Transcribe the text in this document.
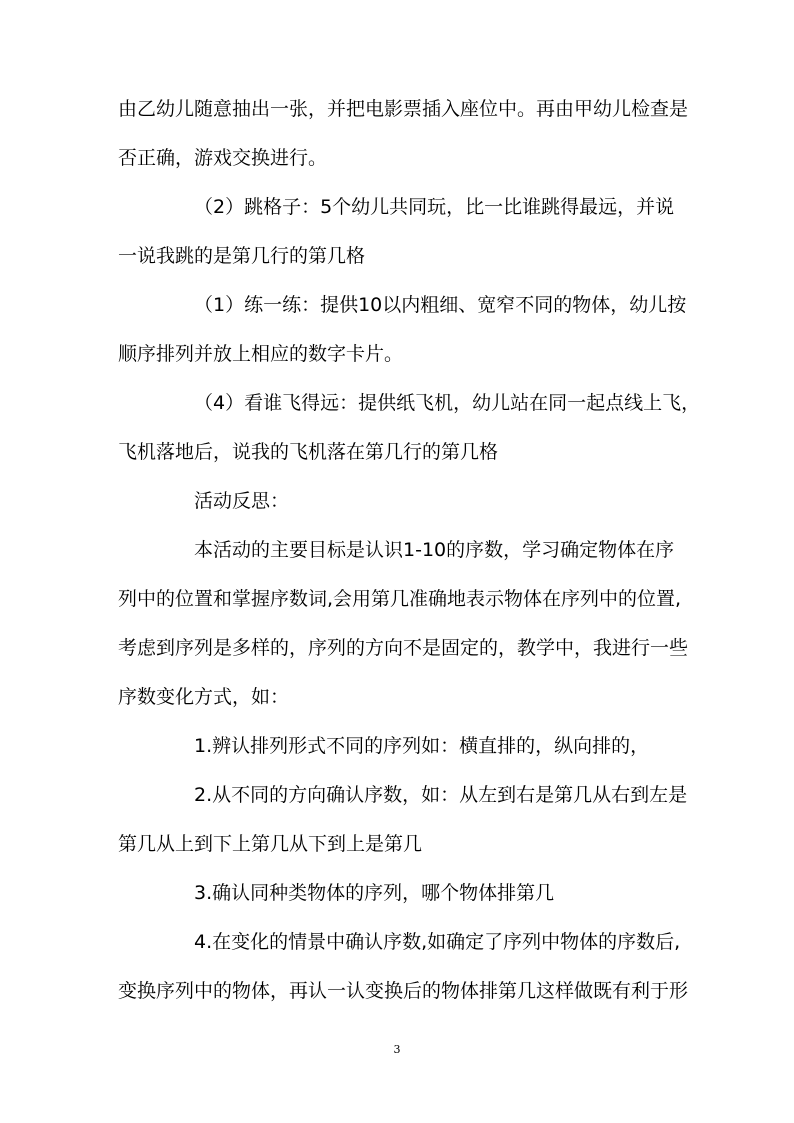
由乙幼儿随意抽出一张，并把电影票插入座位中。再由甲幼儿检查是
否正确，游戏交换进行。
（2）跳格子：5个幼儿共同玩，比一比谁跳得最远，并说
一说我跳的是第几行的第几格
（1）练一练：提供10以内粗细、宽窄不同的物体，幼儿按
顺序排列并放上相应的数字卡片。
（4）看谁飞得远：提供纸飞机，幼儿站在同一起点线上飞，
飞机落地后，说我的飞机落在第几行的第几格
活动反思：
本活动的主要目标是认识1-10的序数，学习确定物体在序
列中的位置和掌握序数词,会用第几准确地表示物体在序列中的位置,
考虑到序列是多样的，序列的方向不是固定的，教学中，我进行一些
序数变化方式，如：
1.辨认排列形式不同的序列如：横直排的，纵向排的，
2.从不同的方向确认序数，如：从左到右是第几从右到左是
第几从上到下上第几从下到上是第几
3.确认同种类物体的序列，哪个物体排第几
4.在变化的情景中确认序数,如确定了序列中物体的序数后,
变换序列中的物体，再认一认变换后的物体排第几这样做既有利于形
3
